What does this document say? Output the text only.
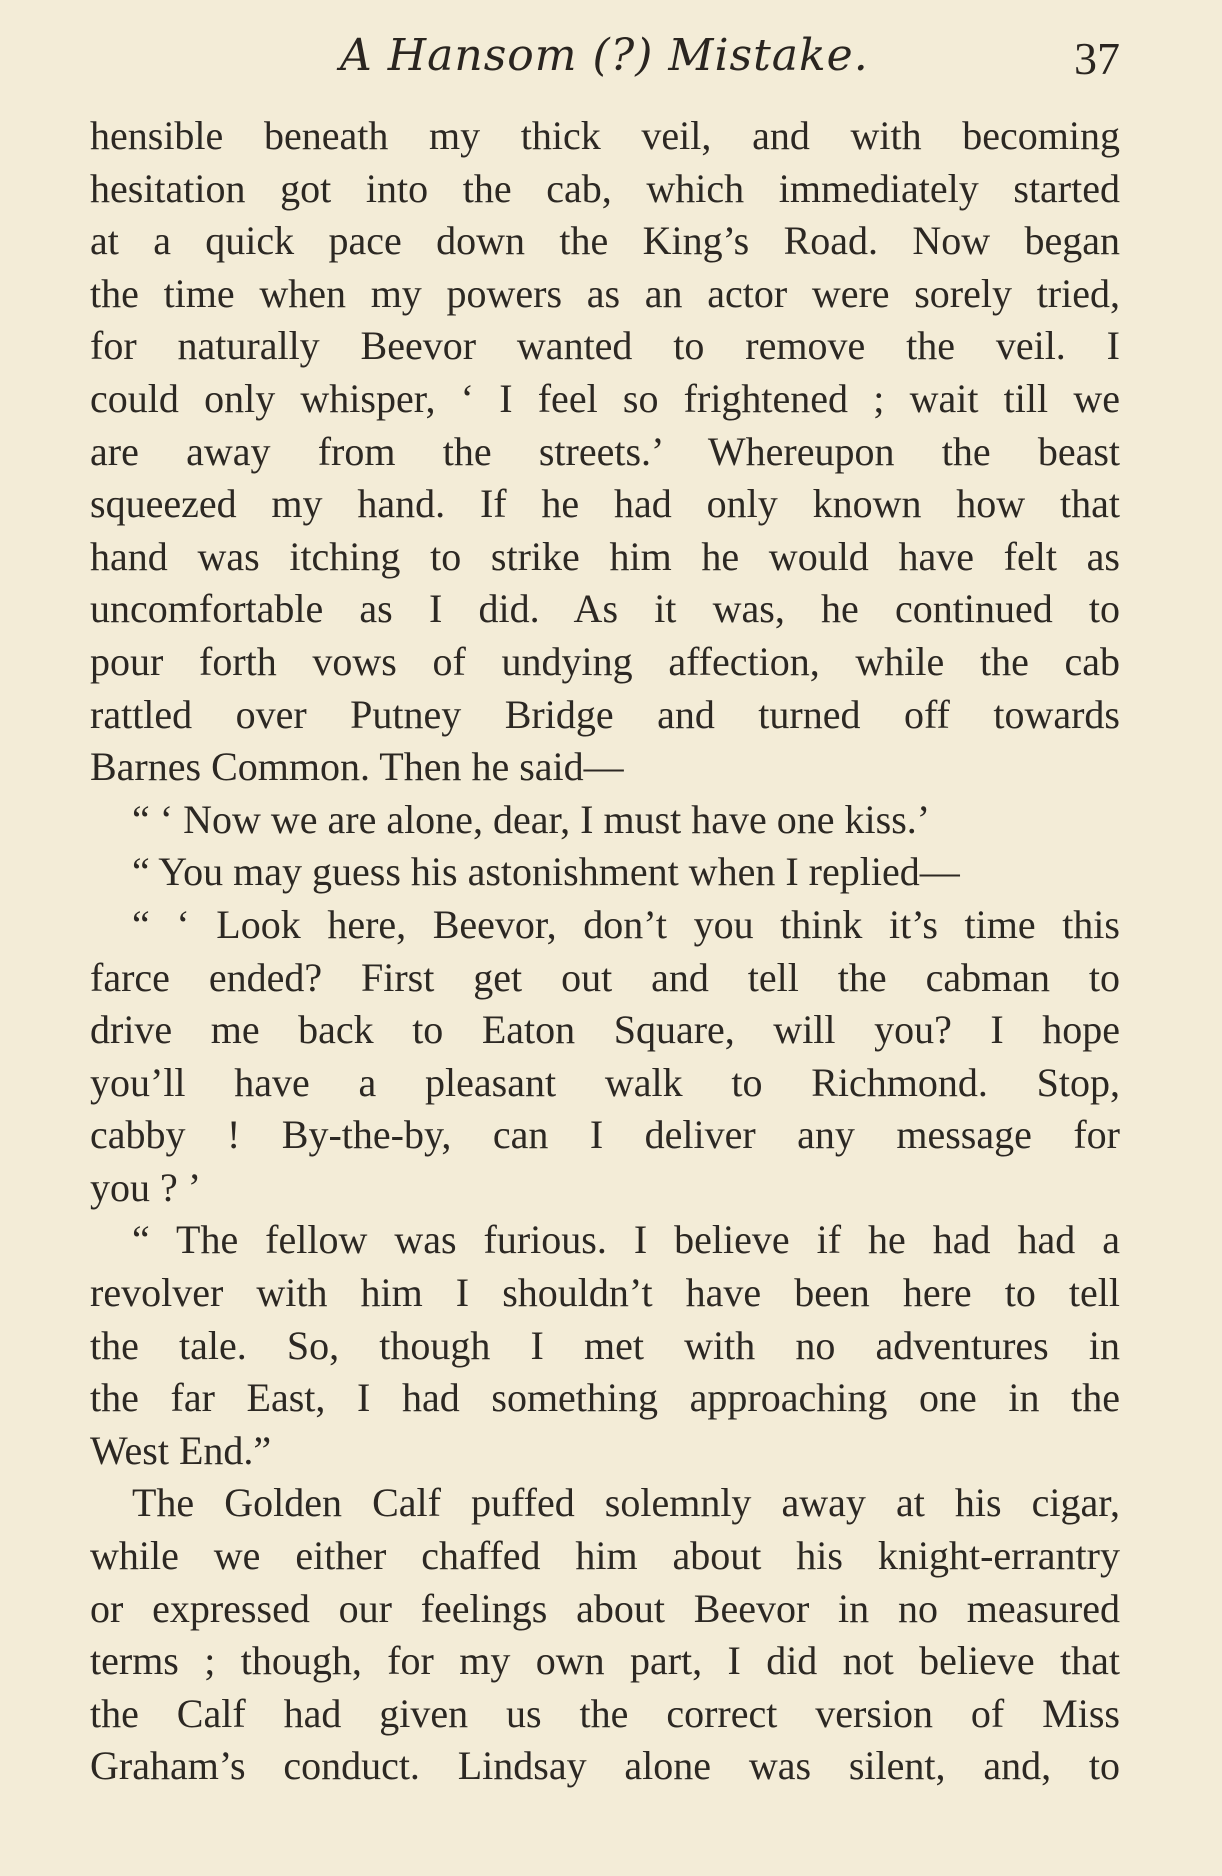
A Hansom (?) Mistake.	37
hensible beneath my thick veil, and with becoming
hesitation got into the cab, which immediately started
at a quick pace down the King’s Road. Now began
the time when my powers as an actor were sorely tried,
for naturally Beevor wanted to remove the veil. I
could only whisper, ‘ I feel so frightened ; wait till we
are away from the streets.’ Whereupon the beast
squeezed my hand. If he had only known how that
hand was itching to strike him he would have felt as
uncomfortable as I did. As it was, he continued to
pour forth vows of undying affection, while the cab
rattled over Putney Bridge and turned off towards
Barnes Common. Then he said—
“ ‘ Now we are alone, dear, I must have one kiss.’
“ You may guess his astonishment when I replied—
“ ‘ Look here, Beevor, don’t you think it’s time this
farce ended? First get out and tell the cabman to
drive me back to Eaton Square, will you? I hope
you’ll have a pleasant walk to Richmond. Stop,
cabby ! By-the-by, can I deliver any message for
you ? ’
“ The fellow was furious. I believe if he had had a
revolver with him I shouldn’t have been here to tell
the tale. So, though I met with no adventures in
the far East, I had something approaching one in the
West End.”
The Golden Calf puffed solemnly away at his cigar,
while we either chaffed him about his knight-errantry
or expressed our feelings about Beevor in no measured
terms ; though, for my own part, I did not believe that
the Calf had given us the correct version of Miss
Graham’s conduct. Lindsay alone was silent, and, to
